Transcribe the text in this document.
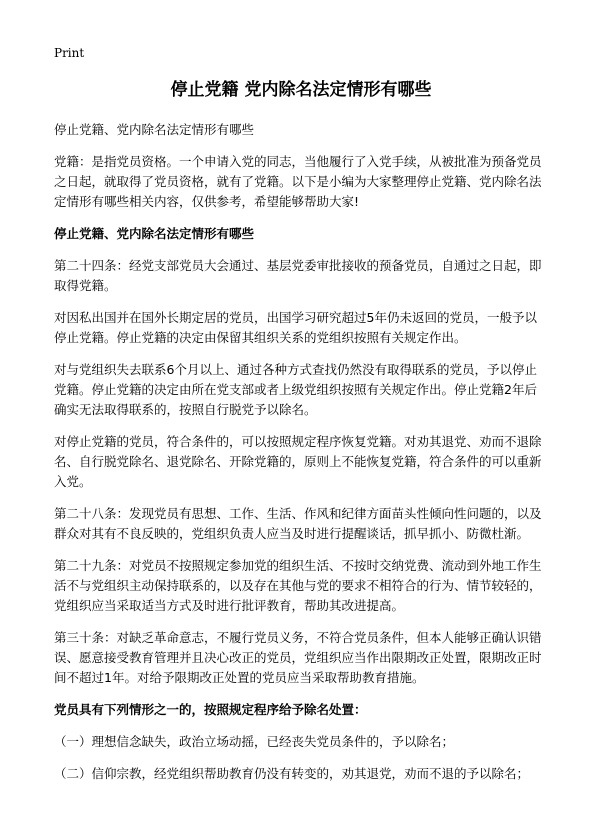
Print
停止党籍 党内除名法定情形有哪些

停止党籍、党内除名法定情形有哪些

党籍：是指党员资格。一个申请入党的同志，当他履行了入党手续，从被批准为预备党员之日起，就取得了党员资格，就有了党籍。以下是小编为大家整理停止党籍、党内除名法定情形有哪些相关内容，仅供参考，希望能够帮助大家!

停止党籍、党内除名法定情形有哪些

第二十四条：经党支部党员大会通过、基层党委审批接收的预备党员，自通过之日起，即取得党籍。

对因私出国并在国外长期定居的党员，出国学习研究超过5年仍未返回的党员，一般予以停止党籍。停止党籍的决定由保留其组织关系的党组织按照有关规定作出。

对与党组织失去联系6个月以上、通过各种方式查找仍然没有取得联系的党员，予以停止党籍。停止党籍的决定由所在党支部或者上级党组织按照有关规定作出。停止党籍2年后确实无法取得联系的，按照自行脱党予以除名。

对停止党籍的党员，符合条件的，可以按照规定程序恢复党籍。对劝其退党、劝而不退除名、自行脱党除名、退党除名、开除党籍的，原则上不能恢复党籍，符合条件的可以重新入党。

第二十八条：发现党员有思想、工作、生活、作风和纪律方面苗头性倾向性问题的，以及群众对其有不良反映的，党组织负责人应当及时进行提醒谈话，抓早抓小、防微杜渐。

第二十九条：对党员不按照规定参加党的组织生活、不按时交纳党费、流动到外地工作生活不与党组织主动保持联系的，以及存在其他与党的要求不相符合的行为、情节较轻的，党组织应当采取适当方式及时进行批评教育，帮助其改进提高。

第三十条：对缺乏革命意志，不履行党员义务，不符合党员条件，但本人能够正确认识错误、愿意接受教育管理并且决心改正的党员，党组织应当作出限期改正处置，限期改正时间不超过1年。对给予限期改正处置的党员应当采取帮助教育措施。

党员具有下列情形之一的，按照规定程序给予除名处置：

（一）理想信念缺失，政治立场动摇，已经丧失党员条件的，予以除名；

（二）信仰宗教，经党组织帮助教育仍没有转变的，劝其退党，劝而不退的予以除名；
